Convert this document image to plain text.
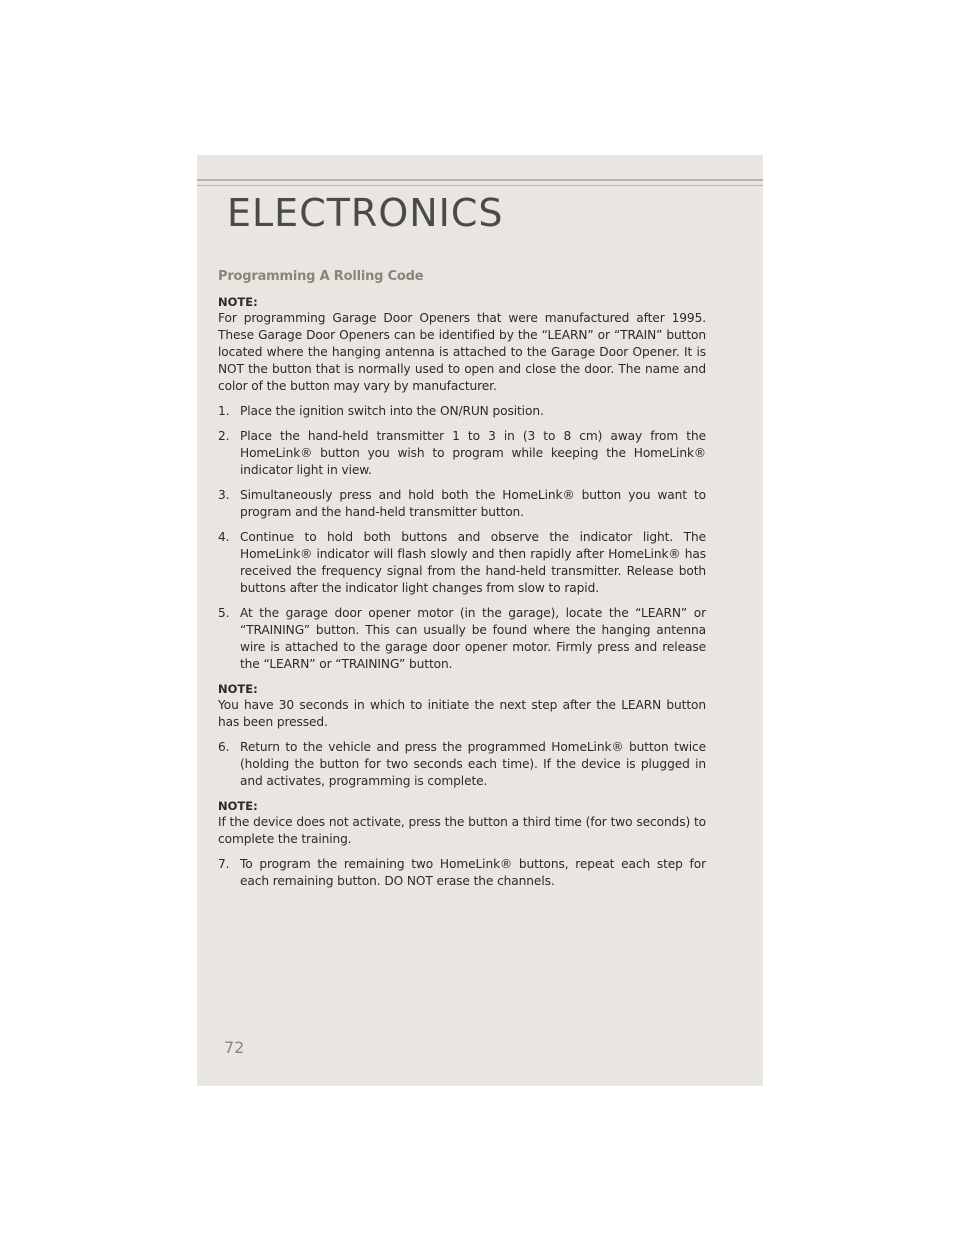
ELECTRONICS
Programming A Rolling Code

NOTE:

For programming Garage Door Openers that were manufactured after 1995. These Garage Door Openers can be identified by the “LEARN” or “TRAIN” button located where the hanging antenna is attached to the Garage Door Opener. It is NOT the button that is normally used to open and close the door. The name and color of the button may vary by manufacturer.

1. Place the ignition switch into the ON/RUN position.
2. Place the hand-held transmitter 1 to 3 in (3 to 8 cm) away from the HomeLink® button you wish to program while keeping the HomeLink® indicator light in view.
3. Simultaneously press and hold both the HomeLink® button you want to program and the hand-held transmitter button.
4. Continue to hold both buttons and observe the indicator light. The HomeLink® indicator will flash slowly and then rapidly after HomeLink® has received the frequency signal from the hand-held transmitter. Release both buttons after the indicator light changes from slow to rapid.
5. At the garage door opener motor (in the garage), locate the “LEARN” or “TRAINING” button. This can usually be found where the hanging antenna wire is attached to the garage door opener motor. Firmly press and release the “LEARN” or “TRAINING” button.

NOTE:

You have 30 seconds in which to initiate the next step after the LEARN button has been pressed.

6. Return to the vehicle and press the programmed HomeLink® button twice (holding the button for two seconds each time). If the device is plugged in and activates, programming is complete.

NOTE:

If the device does not activate, press the button a third time (for two seconds) to complete the training.

7. To program the remaining two HomeLink® buttons, repeat each step for each remaining button. DO NOT erase the channels.
72
